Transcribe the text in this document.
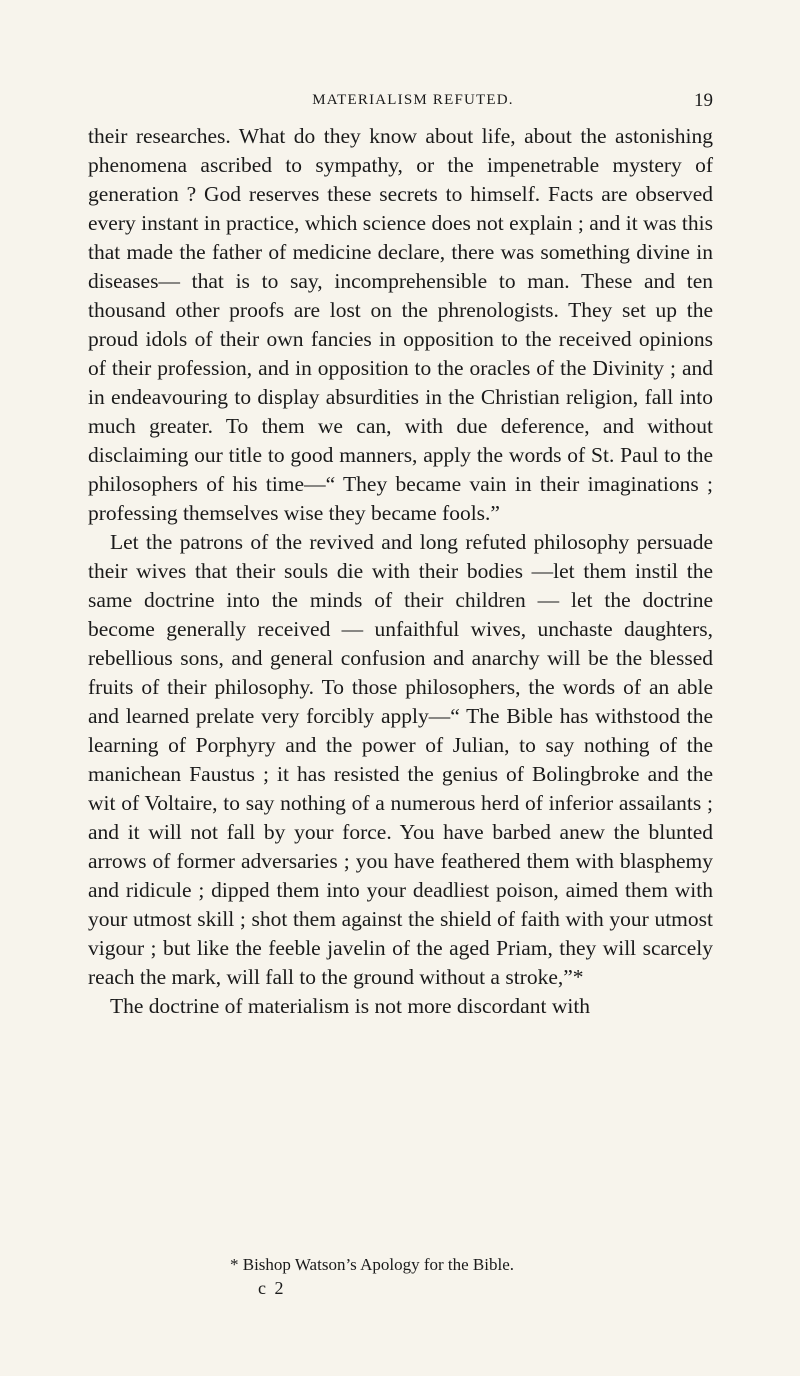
MATERIALISM REFUTED.	19

their researches. What do they know about life, about the astonishing phenomena ascribed to sympathy, or the impenetrable mystery of generation ? God reserves these secrets to himself. Facts are observed every instant in practice, which science does not explain ; and it was this that made the father of medicine declare, there was something divine in diseases— that is to say, incomprehensible to man. These and ten thousand other proofs are lost on the phrenologists. They set up the proud idols of their own fancies in opposition to the received opinions of their profession, and in opposition to the oracles of the Divinity ; and in endeavouring to display absurdities in the Christian religion, fall into much greater. To them we can, with due deference, and without disclaiming our title to good manners, apply the words of St. Paul to the philosophers of his time—“ They became vain in their imaginations ; professing themselves wise they became fools.”

Let the patrons of the revived and long refuted philosophy persuade their wives that their souls die with their bodies —let them instil the same doctrine into the minds of their children — let the doctrine become generally received — unfaithful wives, unchaste daughters, rebellious sons, and general confusion and anarchy will be the blessed fruits of their philosophy. To those philosophers, the words of an able and learned prelate very forcibly apply—“ The Bible has withstood the learning of Porphyry and the power of Julian, to say nothing of the manichean Faustus ; it has resisted the genius of Bolingbroke and the wit of Voltaire, to say nothing of a numerous herd of inferior assailants ; and it will not fall by your force. You have barbed anew the blunted arrows of former adversaries ; you have feathered them with blasphemy and ridicule ; dipped them into your deadliest poison, aimed them with your utmost skill ; shot them against the shield of faith with your utmost vigour ; but like the feeble javelin of the aged Priam, they will scarcely reach the mark, will fall to the ground without a stroke,”*

The doctrine of materialism is not more discordant with

* Bishop Watson’s Apology for the Bible.
c 2
